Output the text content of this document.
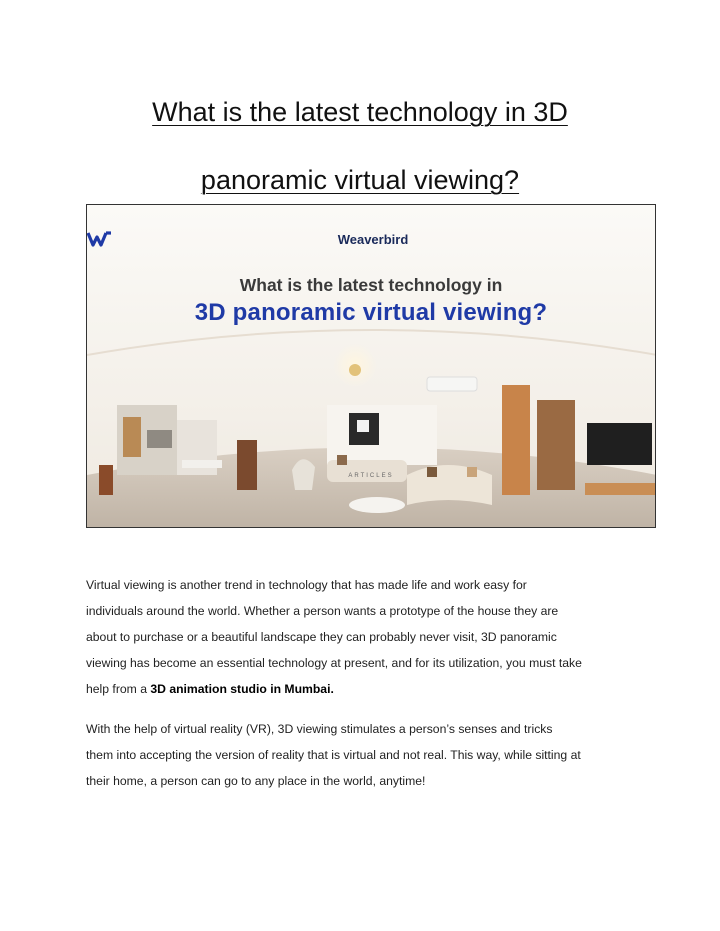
What is the latest technology in 3D
panoramic virtual viewing?
Weaverbird
What is the latest technology in
3D panoramic virtual viewing?
ARTICLES
Virtual viewing is another trend in technology that has made life and work easy for
individuals around the world. Whether a person wants a prototype of the house they are
about to purchase or a beautiful landscape they can probably never visit, 3D panoramic
viewing has become an essential technology at present, and for its utilization, you must take
help from a 3D animation studio in Mumbai.
With the help of virtual reality (VR), 3D viewing stimulates a person’s senses and tricks
them into accepting the version of reality that is virtual and not real. This way, while sitting at
their home, a person can go to any place in the world, anytime!
